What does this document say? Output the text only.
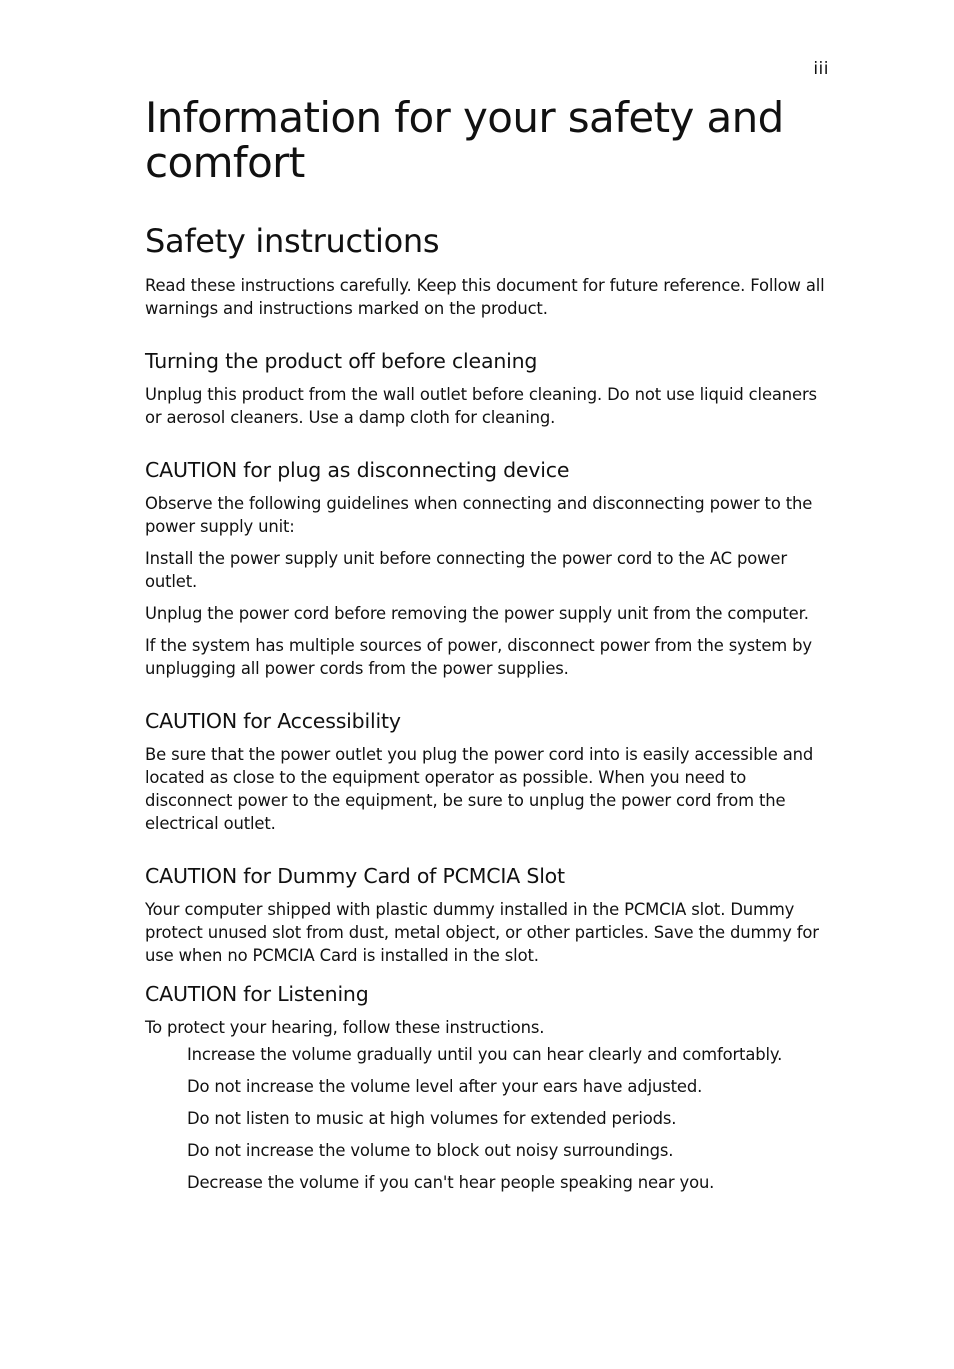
iii
Information for your safety and comfort
Safety instructions

Read these instructions carefully. Keep this document for future reference. Follow all warnings and instructions marked on the product.

Turning the product off before cleaning

Unplug this product from the wall outlet before cleaning. Do not use liquid cleaners or aerosol cleaners. Use a damp cloth for cleaning.

CAUTION for plug as disconnecting device

Observe the following guidelines when connecting and disconnecting power to the power supply unit:

Install the power supply unit before connecting the power cord to the AC power outlet.

Unplug the power cord before removing the power supply unit from the computer.

If the system has multiple sources of power, disconnect power from the system by unplugging all power cords from the power supplies.

CAUTION for Accessibility

Be sure that the power outlet you plug the power cord into is easily accessible and located as close to the equipment operator as possible. When you need to disconnect power to the equipment, be sure to unplug the power cord from the electrical outlet.

CAUTION for Dummy Card of PCMCIA Slot

Your computer shipped with plastic dummy installed in the PCMCIA slot. Dummy protect unused slot from dust, metal object, or other particles. Save the dummy for use when no PCMCIA Card is installed in the slot.

CAUTION for Listening

To protect your hearing, follow these instructions.

Increase the volume gradually until you can hear clearly and comfortably.
Do not increase the volume level after your ears have adjusted.
Do not listen to music at high volumes for extended periods.
Do not increase the volume to block out noisy surroundings.
Decrease the volume if you can't hear people speaking near you.
